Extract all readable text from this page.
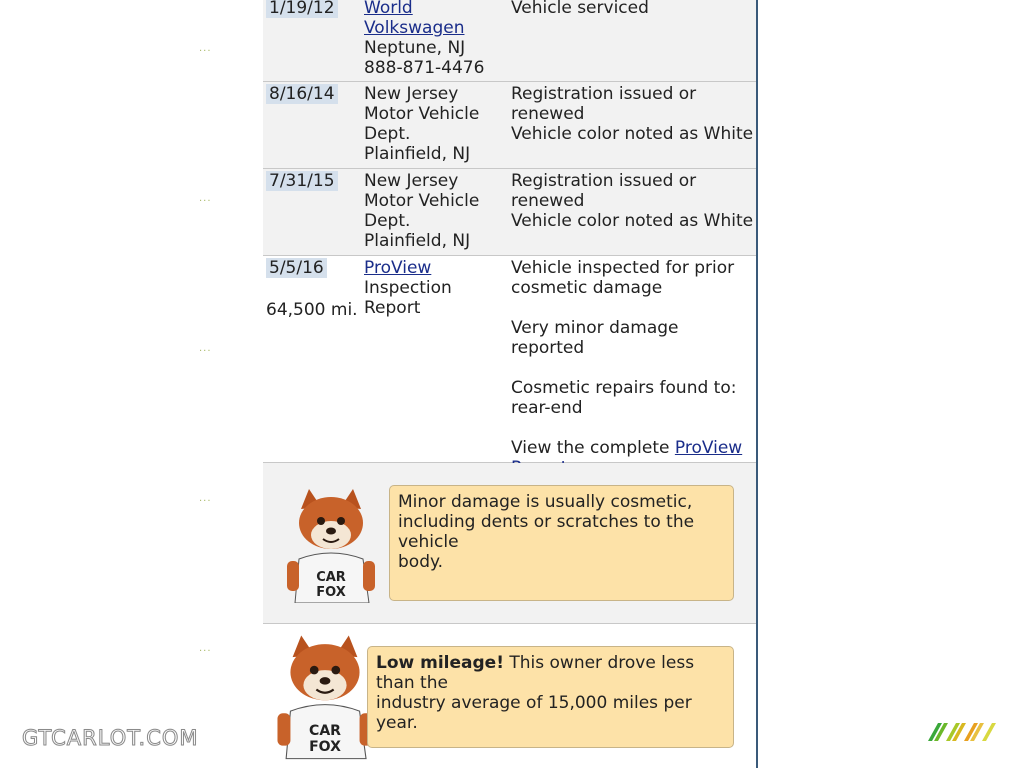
...
...
...
...
...
1/19/12 World
Volkswagen
Neptune, NJ
888-871-4476
Vehicle serviced
8/16/14 New Jersey
Motor Vehicle
Dept.
Plainfield, NJ
Registration issued or renewed
Vehicle color noted as White
7/31/15 New Jersey
Motor Vehicle
Dept.
Plainfield, NJ
Registration issued or renewed
Vehicle color noted as White
5/5/16
64,500 mi.
ProView
Inspection Report
Vehicle inspected for prior
cosmetic damage
Very minor damage reported
Cosmetic repairs found to:
rear-end
View the complete ProView
CAR
FOX
Minor damage is usually cosmetic,
including dents or scratches to the vehicle
body.
CAR
FOX
Low mileage! This owner drove less than the
industry average of 15,000 miles per year.
GTCARLOT.COM
